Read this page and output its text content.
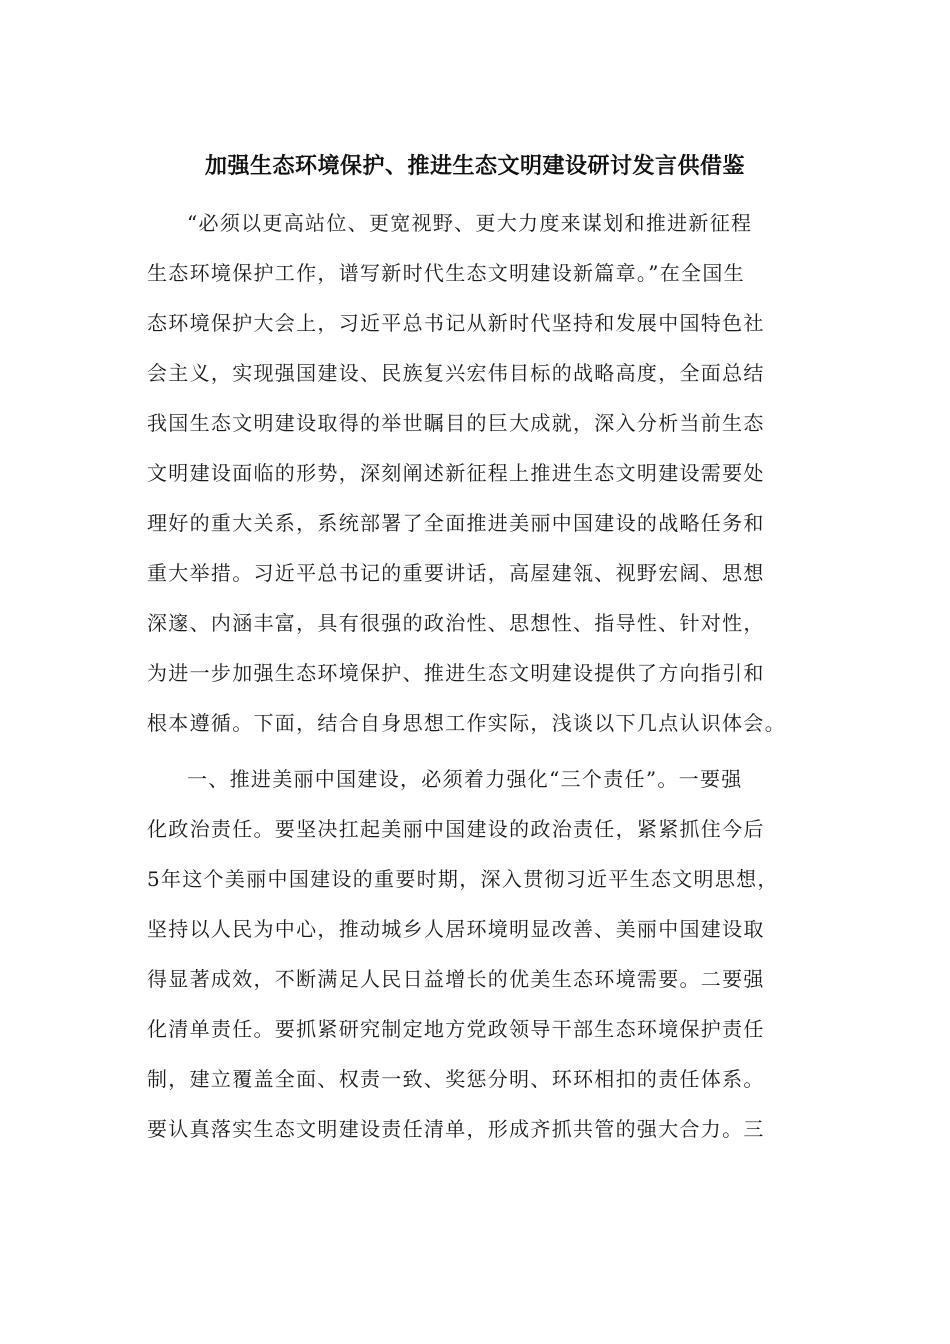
加强生态环境保护、推进生态文明建设研讨发言供借鉴

“必须以更高站位、更宽视野、更大力度来谋划和推进新征程

生态环境保护工作，谱写新时代生态文明建设新篇章。”在全国生

态环境保护大会上，习近平总书记从新时代坚持和发展中国特色社

会主义，实现强国建设、民族复兴宏伟目标的战略高度，全面总结

我国生态文明建设取得的举世瞩目的巨大成就，深入分析当前生态

文明建设面临的形势，深刻阐述新征程上推进生态文明建设需要处

理好的重大关系，系统部署了全面推进美丽中国建设的战略任务和

重大举措。习近平总书记的重要讲话，高屋建瓴、视野宏阔、思想

深邃、内涵丰富，具有很强的政治性、思想性、指导性、针对性，

为进一步加强生态环境保护、推进生态文明建设提供了方向指引和

根本遵循。下面，结合自身思想工作实际，浅谈以下几点认识体会。

一、推进美丽中国建设，必须着力强化“三个责任”。一要强

化政治责任。要坚决扛起美丽中国建设的政治责任，紧紧抓住今后

5年这个美丽中国建设的重要时期，深入贯彻习近平生态文明思想，

坚持以人民为中心，推动城乡人居环境明显改善、美丽中国建设取

得显著成效，不断满足人民日益增长的优美生态环境需要。二要强

化清单责任。要抓紧研究制定地方党政领导干部生态环境保护责任

制，建立覆盖全面、权责一致、奖惩分明、环环相扣的责任体系。

要认真落实生态文明建设责任清单，形成齐抓共管的强大合力。三
